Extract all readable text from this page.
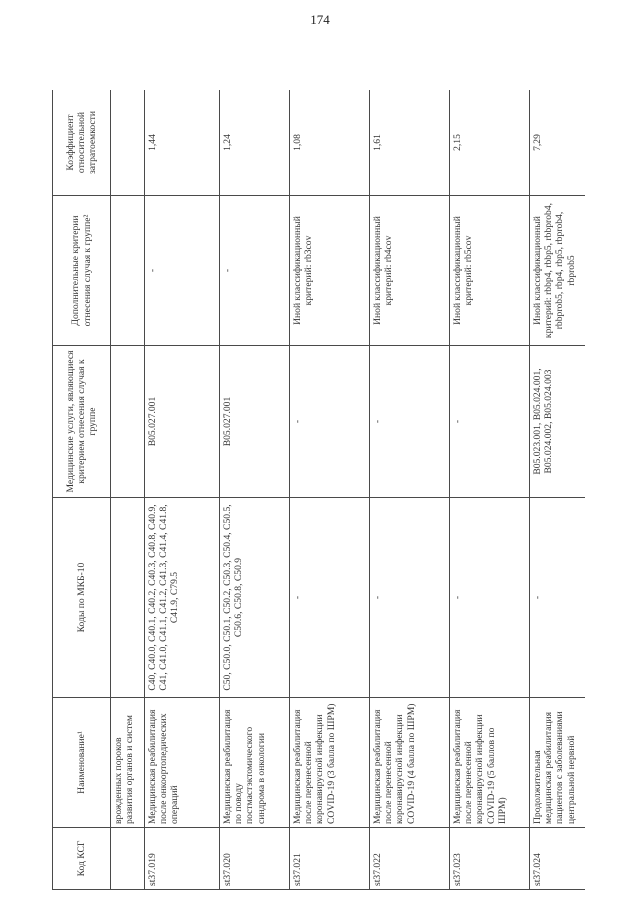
174
Код КСГ	Наименование¹	Коды по МКБ-10	Медицинские услуги, являющиеся критерием отнесения случая к группе	Дополнительные критерии отнесения случая к группе²	Коэффициент относительной затратоемкости
	врожденных пороков развития органов и систем				
st37.019	Медицинская реабилитация после онкоортопедических операций	C40, C40.0, C40.1, C40.2, C40.3, C40.8, C40.9, C41, C41.0, C41.1, C41.2, C41.3, C41.4, C41.8, C41.9, C79.5	B05.027.001	-	1,44
st37.020	Медицинская реабилитация по поводу постмастэктомического синдрома в онкологии	C50, C50.0, C50.1, C50.2, C50.3, C50.4, C50.5, C50.6, C50.8, C50.9	B05.027.001	-	1,24
st37.021	Медицинская реабилитация после перенесенной коронавирусной инфекции COVID-19 (3 балла по ШРМ)	-	-	Иной классификационный критерий: rb3cov	1,08
st37.022	Медицинская реабилитация после перенесенной коронавирусной инфекции COVID-19 (4 балла по ШРМ)	-	-	Иной классификационный критерий: rb4cov	1,61
st37.023	Медицинская реабилитация после перенесенной коронавирусной инфекции COVID-19 (5 баллов по ШРМ)	-	-	Иной классификационный критерий: rb5cov	2,15
st37.024	Продолжительная медицинская реабилитация пациентов с заболеваниями центральной нервной	-	B05.023.001, B05.024.001, B05.024.002, B05.024.003	Иной классификационный критерий: rbbp4, rbbp5, rbbprob4, rbbprob5, rbp4, rbp5, rbprob4, rbprob5	7,29
